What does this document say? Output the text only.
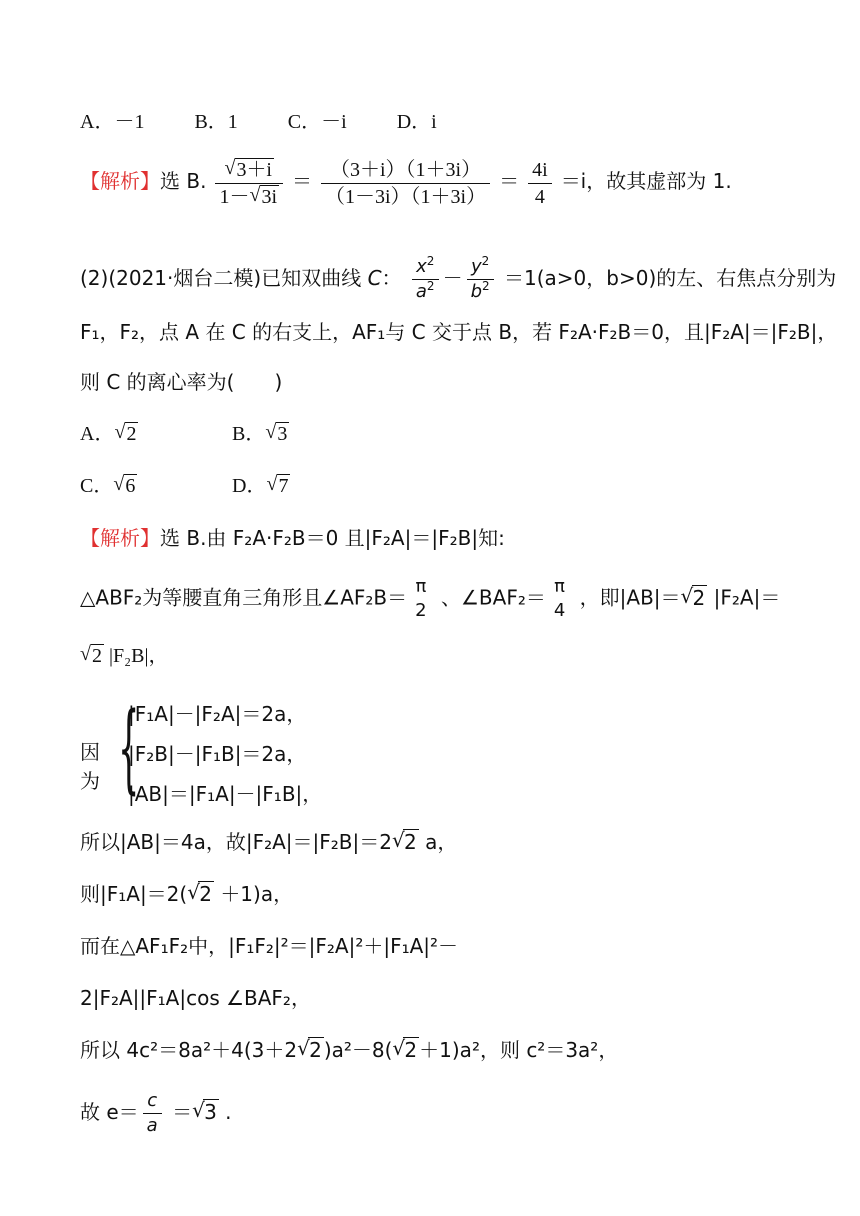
A．－1	B．1	C．－i	D．i
【解析】选 B. $\frac{√ 3+i}{1- √ 3i} = \frac{(3+i)(1+3i)}{(1-3i)(1+3i)} = \frac{4i}{4} =i$，故其虚部为 1.
(2)(2021·烟台二模)已知双曲线 C： $\frac{x^2}{a^2} - \frac{y^2}{b^2} =1(a>0$，b>0)的左、右焦点分别为
F₁，F₂，点 A 在 C 的右支上，AF₁与 C 交于点 B，若 F₂A·F₂B＝0，且|F₂A|＝|F₂B|，
则 C 的离心率为(　　)
A． √ 2	B． √ 3
C． √ 6	D． √ 7
【解析】选 B.由 F₂A·F₂B＝0 且|F₂A|＝|F₂B|知:
△ABF₂为等腰直角三角形且∠AF₂B＝ π
2
、∠BAF₂＝ π
4
，即|AB|＝ √ 2 |F₂A|＝
√ 2 |F₂B|，
因为 {
|F₁A|－|F₂A|＝2a，
|F₂B|－|F₁B|＝2a，
|AB|＝|F₁A|－|F₁B|，
所以|AB|＝4a，故|F₂A|＝|F₂B|＝2 √ 2 a，
则|F₁A|＝2( √ 2 ＋1)a，
而在△AF₁F₂中，|F₁F₂|²＝|F₂A|²＋|F₁A|²－
2|F₂A||F₁A|cos ∠BAF₂，
所以 4c²＝8a²＋4(3＋2 √ 2 )a²－8( √ 2 ＋1)a²，则 c²＝3a²，
故 $e= \frac{c}{a}$ ＝ √ 3 .
